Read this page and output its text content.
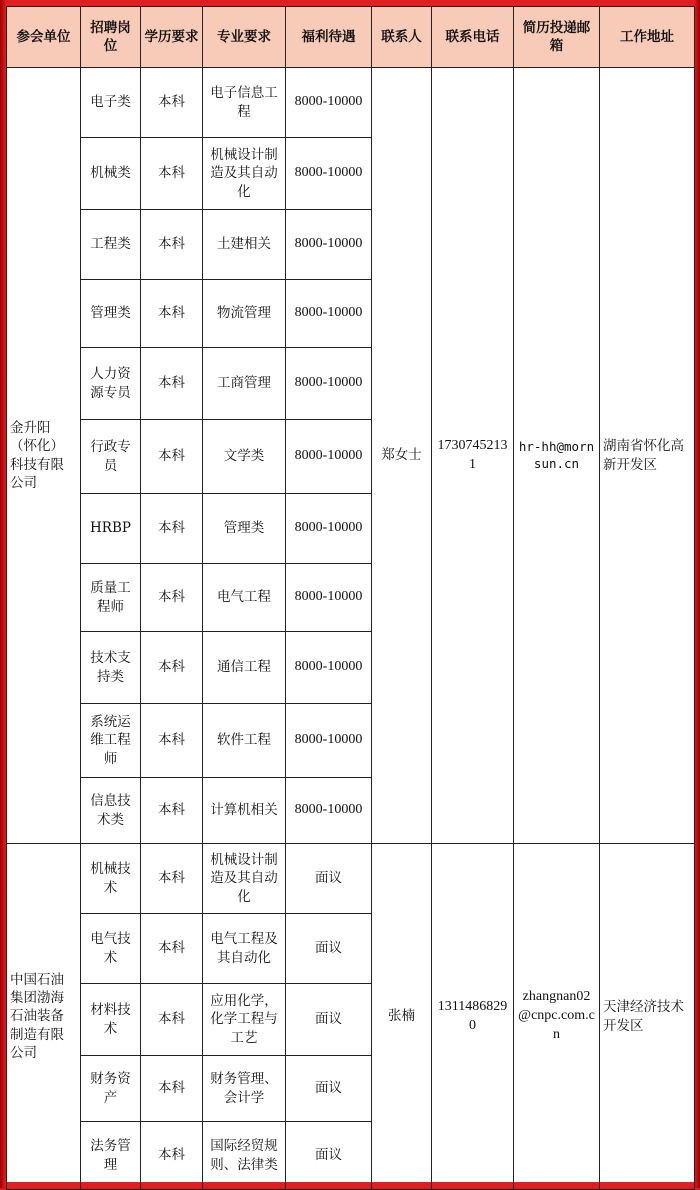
参会单位	招聘岗位	学历要求	专业要求	福利待遇	联系人	联系电话	简历投递邮箱	工作地址
金升阳（怀化）科技有限公司	电子类	本科	电子信息工程	8000-10000	郑女士	17307452131	hr-hh@mornsun.cn	湖南省怀化高新开发区
	机械类	本科	机械设计制造及其自动化	8000-10000				
	工程类	本科	土建相关	8000-10000				
	管理类	本科	物流管理	8000-10000				
	人力资源专员	本科	工商管理	8000-10000				
	行政专员	本科	文学类	8000-10000				
	HRBP	本科	管理类	8000-10000				
	质量工程师	本科	电气工程	8000-10000				
	技术支持类	本科	通信工程	8000-10000				
	系统运维工程师	本科	软件工程	8000-10000				
	信息技术类	本科	计算机相关	8000-10000				
中国石油集团渤海石油装备制造有限公司	机械技术	本科	机械设计制造及其自动化	面议	张楠	13114868290	zhangnan02@cnpc.com.cn	天津经济技术开发区
	电气技术	本科	电气工程及其自动化	面议				
	材料技术	本科	应用化学，化学工程与工艺	面议				
	财务资产	本科	财务管理、会计学	面议				
	法务管理	本科	国际经贸规则、法律类	面议				
